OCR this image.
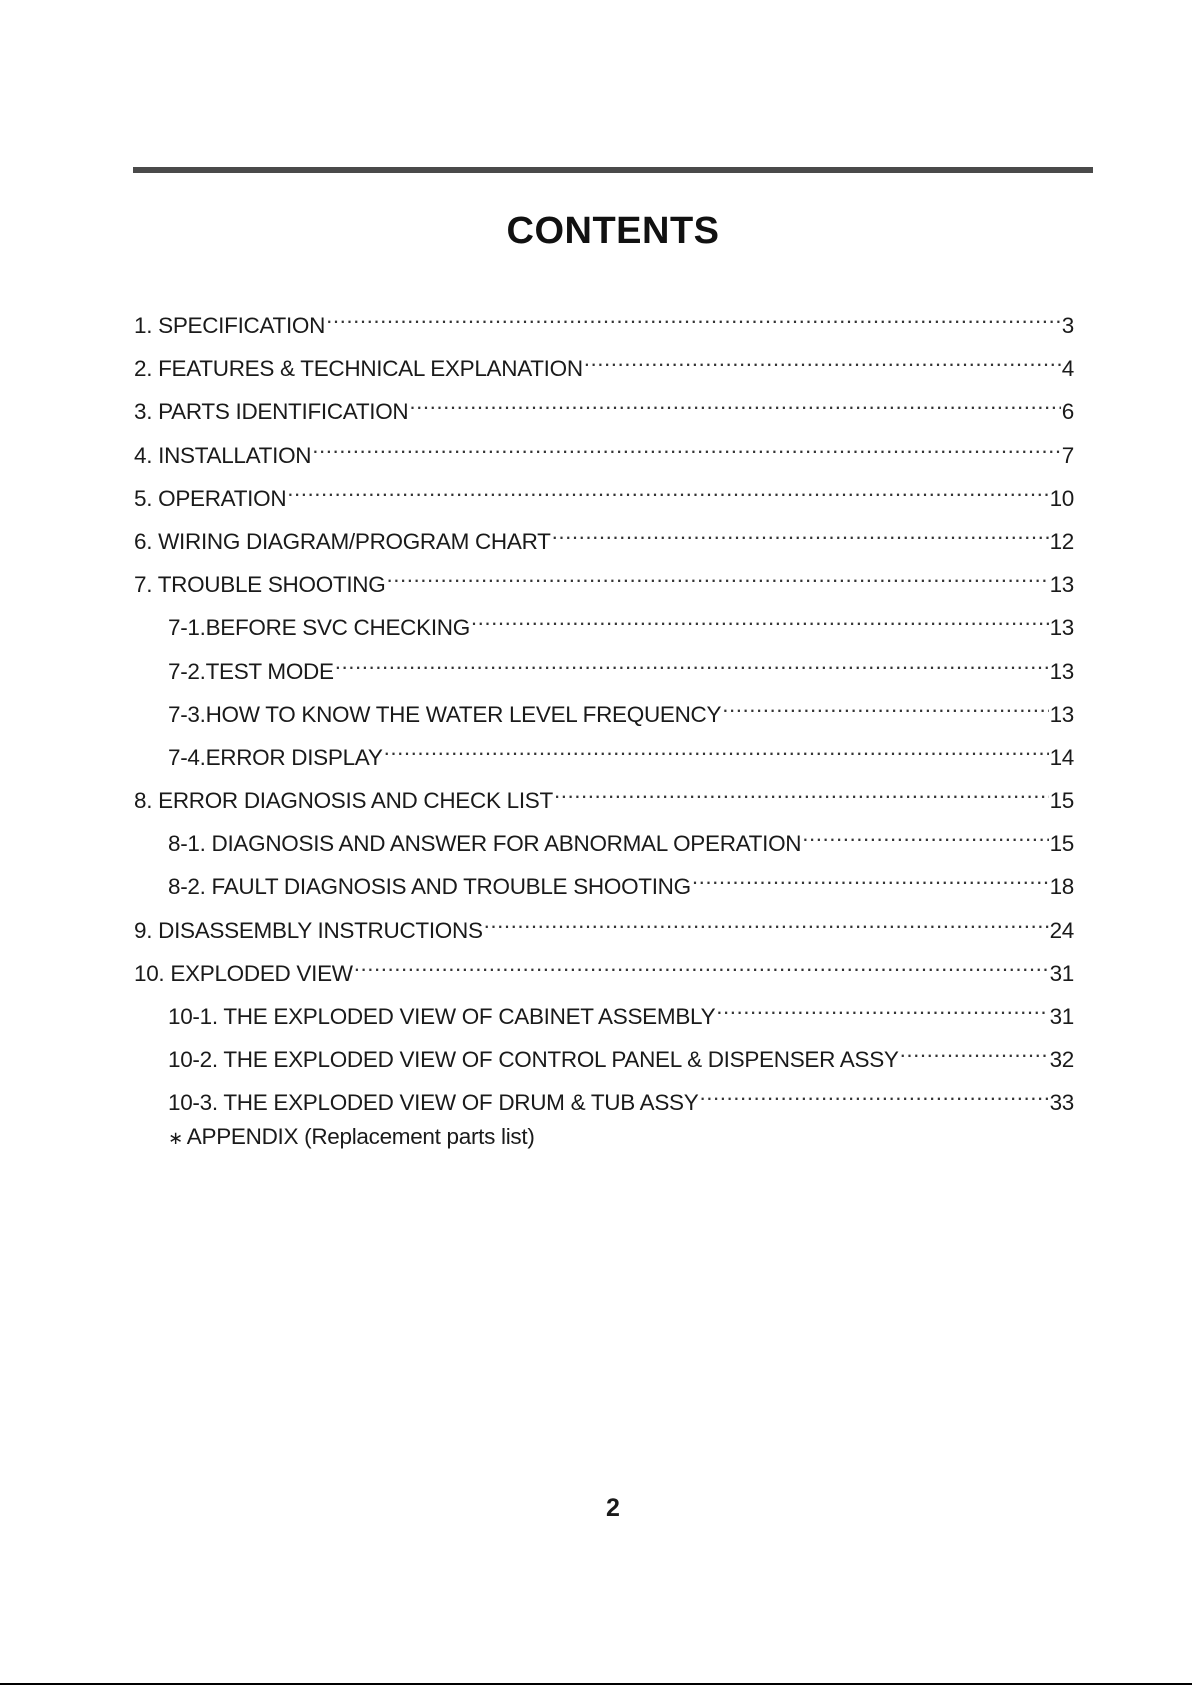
CONTENTS
1. SPECIFICATION .....	3
2. FEATURES & TECHNICAL EXPLANATION .....	4
3. PARTS IDENTIFICATION .....	6
4. INSTALLATION .....	7
5. OPERATION .....	10
6. WIRING DIAGRAM/PROGRAM CHART .....	12
7. TROUBLE SHOOTING .....	13
7-1.BEFORE SVC CHECKING .....	13
7-2.TEST MODE .....	13
7-3.HOW TO KNOW THE WATER LEVEL FREQUENCY .....	13
7-4.ERROR DISPLAY .....	14
8. ERROR DIAGNOSIS AND CHECK LIST .....	15
8-1. DIAGNOSIS AND ANSWER FOR ABNORMAL OPERATION .....	15
8-2. FAULT DIAGNOSIS AND TROUBLE SHOOTING .....	18
9. DISASSEMBLY INSTRUCTIONS .....	24
10. EXPLODED VIEW .....	31
10-1. THE EXPLODED VIEW OF CABINET ASSEMBLY .....	31
10-2. THE EXPLODED VIEW OF CONTROL PANEL & DISPENSER ASSY .....	32
10-3. THE EXPLODED VIEW OF DRUM & TUB ASSY .....	33
∗ APPENDIX (Replacement parts list)
2
